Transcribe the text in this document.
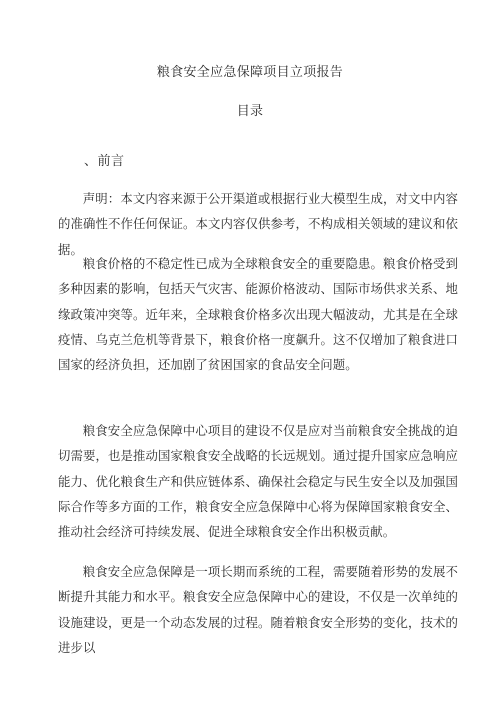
粮食安全应急保障项目立项报告
目录
、前言

声明：本文内容来源于公开渠道或根据行业大模型生成，对文中内容的准确性不作任何保证。本文内容仅供参考，不构成相关领域的建议和依据。

粮食价格的不稳定性已成为全球粮食安全的重要隐患。粮食价格受到多种因素的影响，包括天气灾害、能源价格波动、国际市场供求关系、地缘政策冲突等。近年来，全球粮食价格多次出现大幅波动，尤其是在全球疫情、乌克兰危机等背景下，粮食价格一度飙升。这不仅增加了粮食进口国家的经济负担，还加剧了贫困国家的食品安全问题。

粮食安全应急保障中心项目的建设不仅是应对当前粮食安全挑战的迫切需要，也是推动国家粮食安全战略的长远规划。通过提升国家应急响应能力、优化粮食生产和供应链体系、确保社会稳定与民生安全以及加强国际合作等多方面的工作，粮食安全应急保障中心将为保障国家粮食安全、推动社会经济可持续发展、促进全球粮食安全作出积极贡献。

粮食安全应急保障是一项长期而系统的工程，需要随着形势的发展不断提升其能力和水平。粮食安全应急保障中心的建设，不仅是一次单纯的设施建设，更是一个动态发展的过程。随着粮食安全形势的变化，技术的进步以
